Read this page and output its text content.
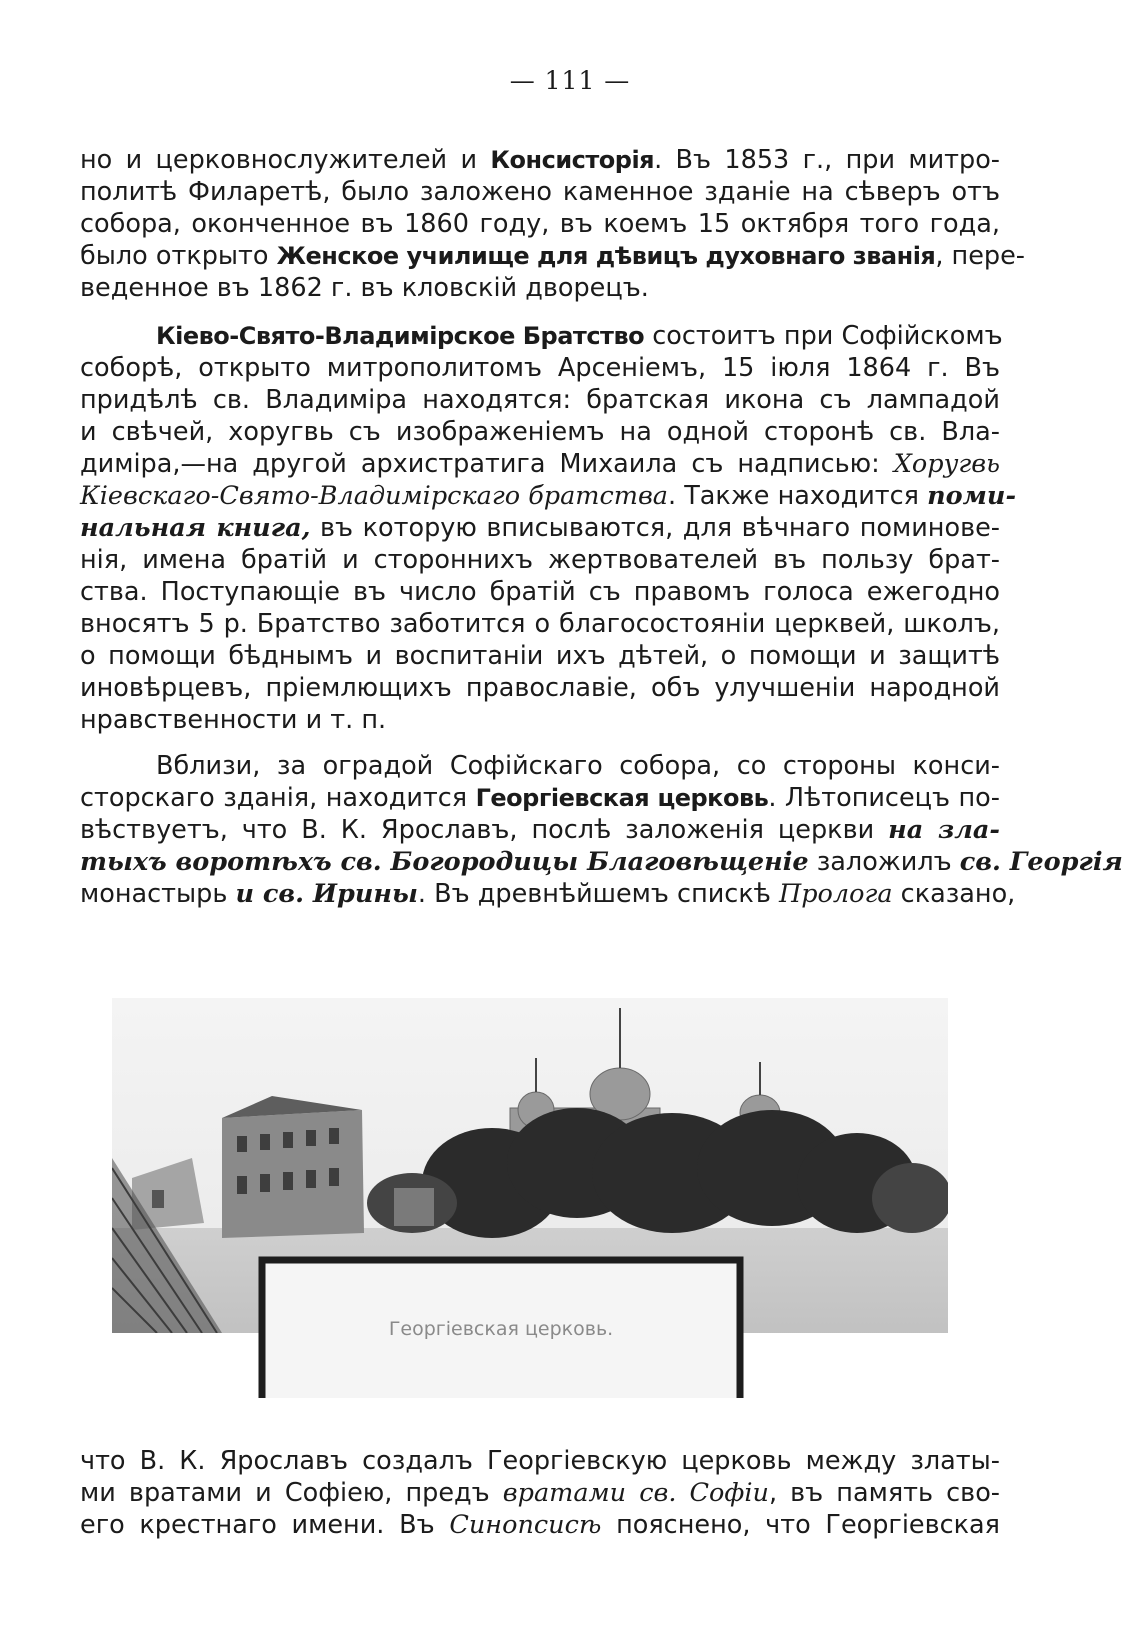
— 111 —
но и церковнослужителей и Консисторія. Въ 1853 г., при митро-
политѣ Филаретѣ, было заложено каменное зданіе на сѣверъ отъ
собора, оконченное въ 1860 году, въ коемъ 15 октября того года,
было открыто Женское училище для дѣвицъ духовнаго званія, пере-
веденное въ 1862 г. въ кловскій дворецъ.
Кіево-Свято-Владимірское Братство состоитъ при Софійскомъ
соборѣ, открыто митрополитомъ Арсеніемъ, 15 іюля 1864 г. Въ
придѣлѣ св. Владиміра находятся: братская икона съ лампадой
и свѣчей, хоругвь съ изображеніемъ на одной сторонѣ св. Вла-
диміра,—на другой архистратига Михаила съ надписью: Хоругвь
Кіевскаго-Свято-Владимірскаго братства. Также находится поми-
нальная книга, въ которую вписываются, для вѣчнаго поминове-
нія, имена братій и стороннихъ жертвователей въ пользу брат-
ства. Поступающіе въ число братій съ правомъ голоса ежегодно
вносятъ 5 р. Братство заботится о благосостояніи церквей, школъ,
о помощи бѣднымъ и воспитаніи ихъ дѣтей, о помощи и защитѣ
иновѣрцевъ, пріемлющихъ православіе, объ улучшеніи народной
нравственности и т. п.
Вблизи, за оградой Софійскаго собора, со стороны конси-
сторскаго зданія, находится Георгіевская церковь. Лѣтописецъ по-
вѣствуетъ, что В. К. Ярославъ, послѣ заложенія церкви на зла-
тыхъ воротѣхъ св. Богородицы Благовѣщеніе заложилъ св. Георгія
монастырь и св. Ирины. Въ древнѣйшемъ спискѣ Пролога сказано,
Георгіевская церковь.
что В. К. Ярославъ создалъ Георгіевскую церковь между златы-
ми вратами и Софіею, предъ вратами св. Софіи, въ память сво-
его крестнаго имени. Въ Синопсисѣ пояснено, что Георгіевская
